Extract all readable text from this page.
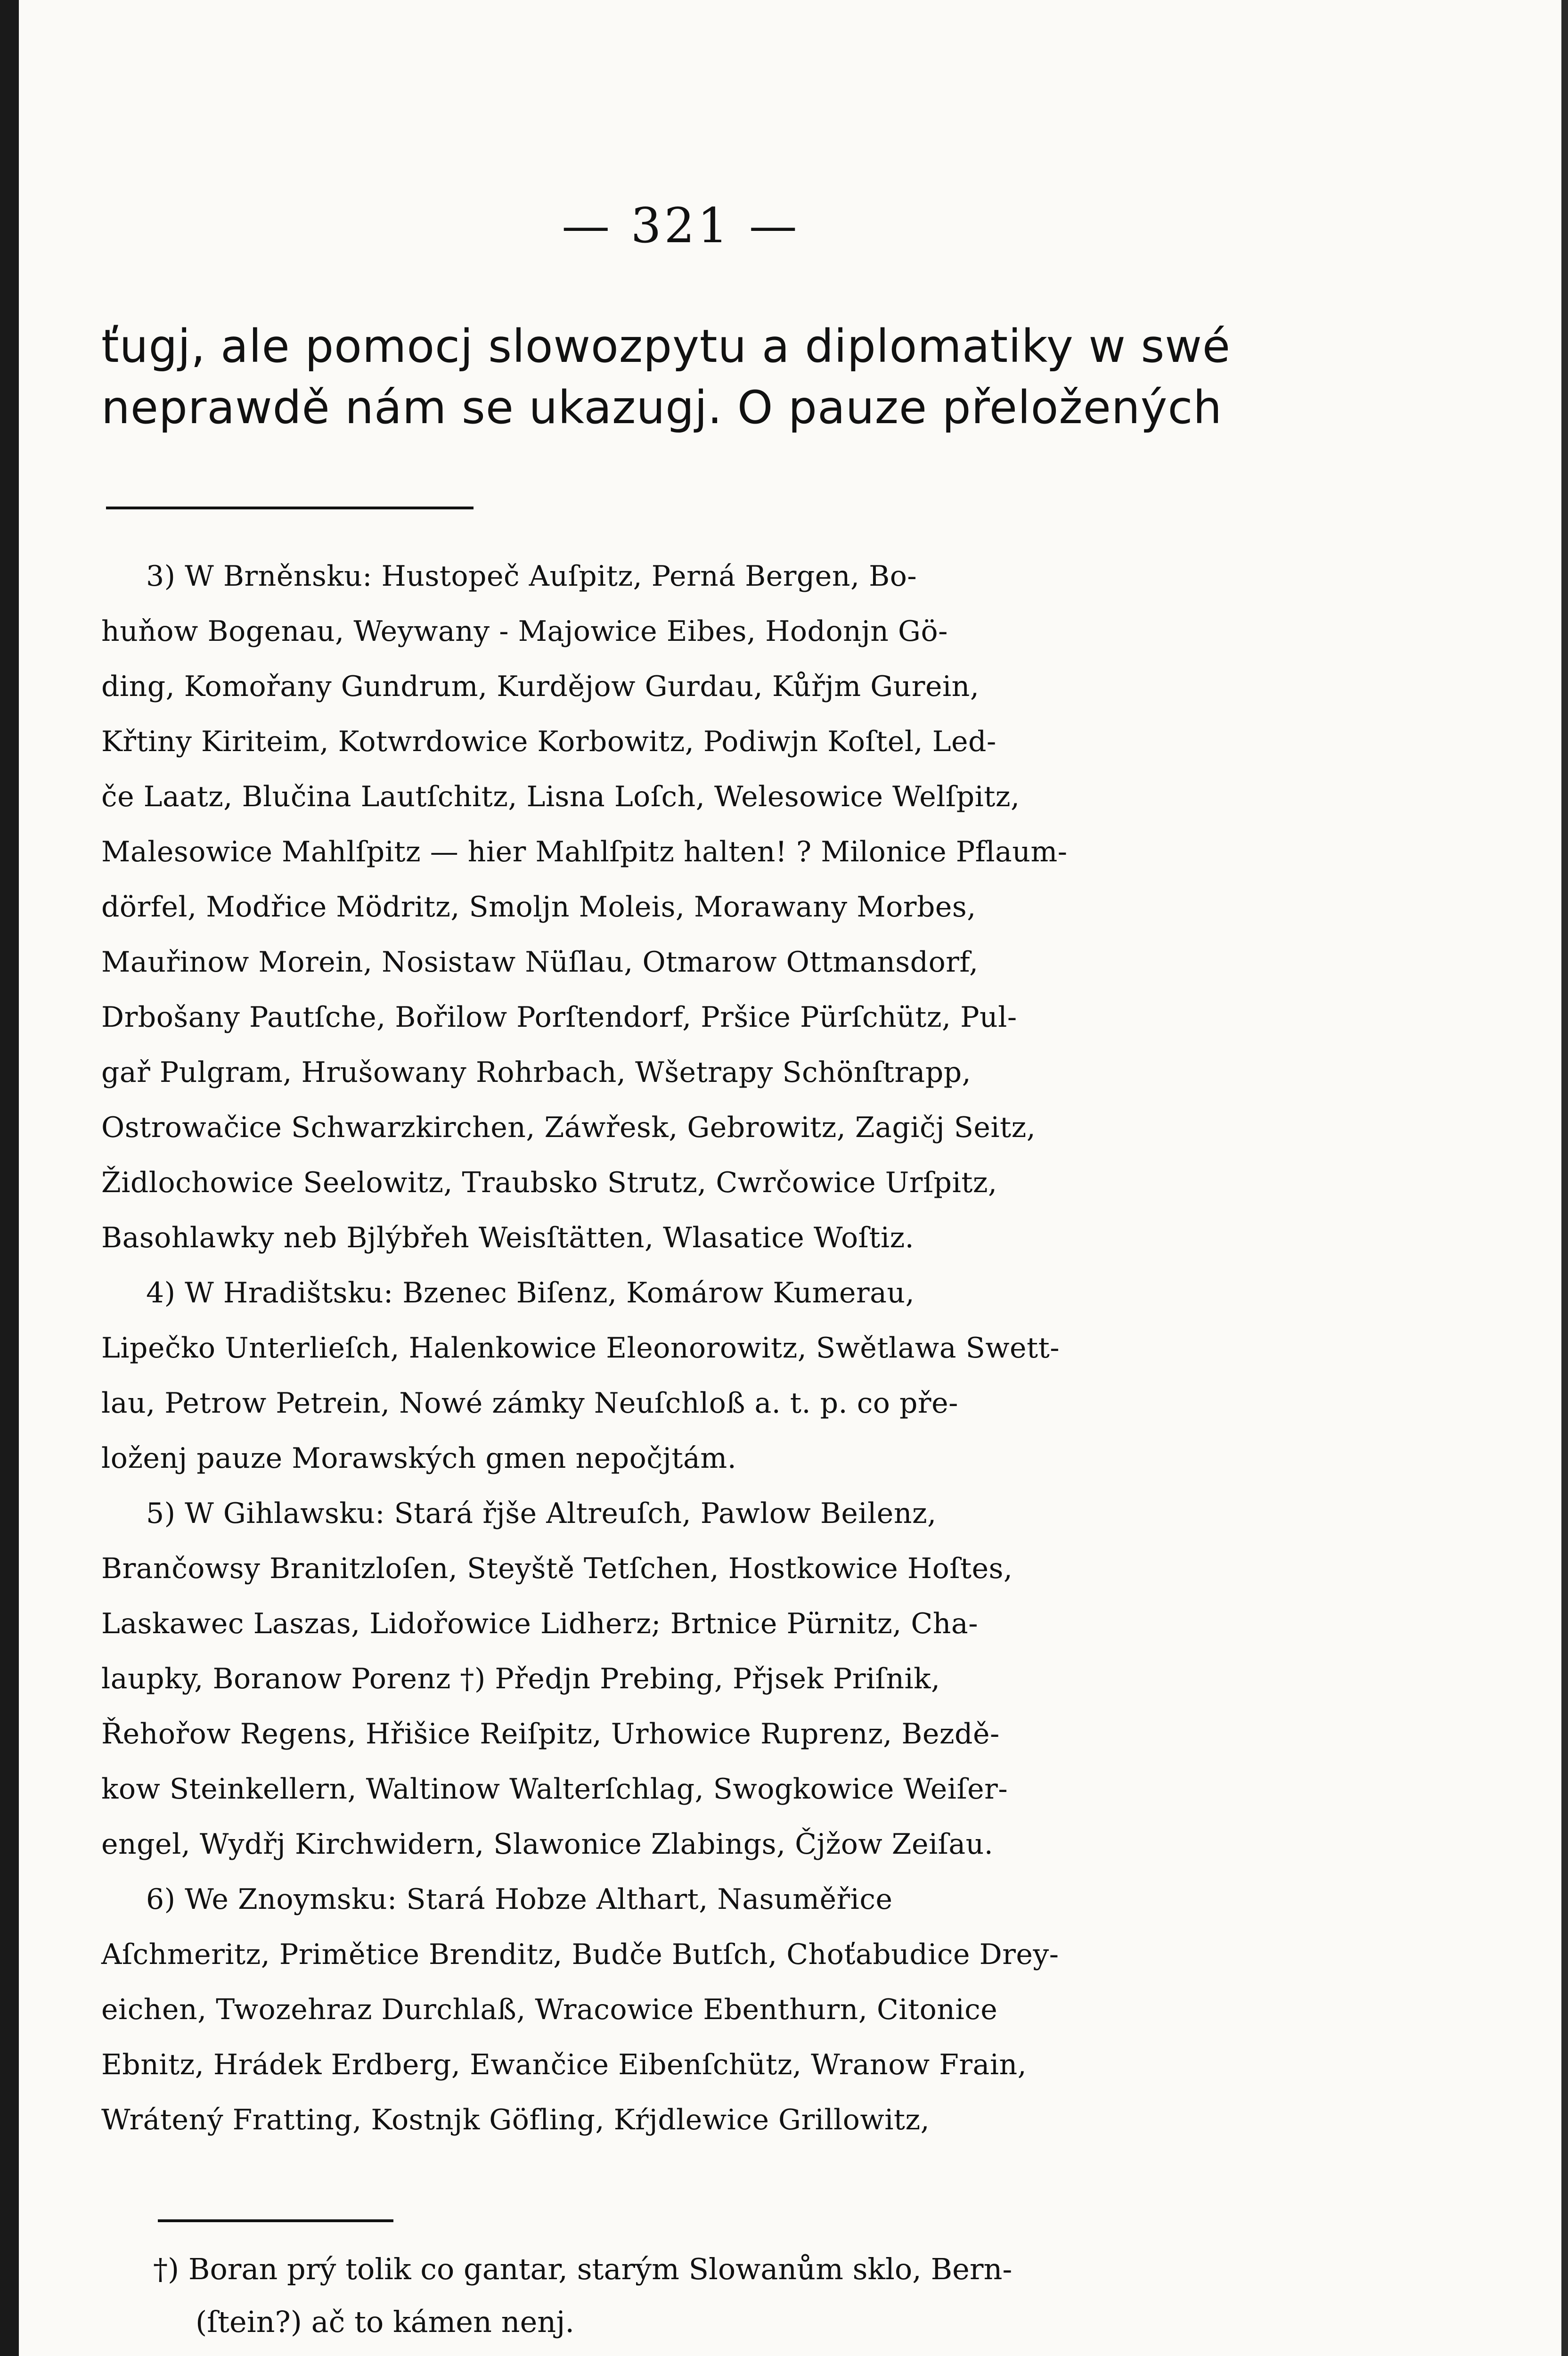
— 321 —
ťugj, ale pomocj slowozpytu a diplomatiky w swé
neprawdě nám se ukazugj. O pauze přeložených
3) W Brněnsku: Hustopeč Auſpitz, Perná Bergen, Bo-
huňow Bogenau, Weywany - Majowice Eibes, Hodonjn Gö-
ding, Komořany Gundrum, Kurdějow Gurdau, Kůřjm Gurein,
Křtiny Kiriteim, Kotwrdowice Korbowitz, Podiwjn Koſtel, Led-
če Laatz, Blučina Lautſchitz, Lisna Loſch, Welesowice Welſpitz,
Malesowice Mahlſpitz — hier Mahlſpitz halten! ? Milonice Pflaum-
dörfel, Modřice Mödritz, Smoljn Moleis, Morawany Morbes,
Mauřinow Morein, Nosistaw Nüſlau, Otmarow Ottmansdorf,
Drbošany Pautſche, Bořilow Porſtendorf, Pršice Pürſchütz, Pul-
gař Pulgram, Hrušowany Rohrbach, Wšetrapy Schönſtrapp,
Ostrowačice Schwarzkirchen, Záwřesk, Gebrowitz, Zagičj Seitz,
Židlochowice Seelowitz, Traubsko Strutz, Cwrčowice Urſpitz,
Basohlawky neb Bjlýbřeh Weisſtätten, Wlasatice Woſtiz.
4) W Hradištsku: Bzenec Biſenz, Komárow Kumerau,
Lipečko Unterlieſch, Halenkowice Eleonorowitz, Swětlawa Swett-
lau, Petrow Petrein, Nowé zámky Neuſchloß a. t. p. co pře-
loženj pauze Morawských gmen nepočjtám.
5) W Gihlawsku: Stará řjše Altreuſch, Pawlow Beilenz,
Brančowsy Branitzloſen, Steyště Tetſchen, Hostkowice Hoſtes,
Laskawec Laszas, Lidořowice Lidherz; Brtnice Pürnitz, Cha-
laupky, Boranow Porenz †) Předjn Prebing, Přjsek Priſnik,
Řehořow Regens, Hřišice Reiſpitz, Urhowice Ruprenz, Bezdě-
kow Steinkellern, Waltinow Walterſchlag, Swogkowice Weiſer-
engel, Wydřj Kirchwidern, Slawonice Zlabings, Čjžow Zeiſau.
6) We Znoymsku: Stará Hobze Althart, Nasuměřice
Aſchmeritz, Primětice Brenditz, Budče Butſch, Choťabudice Drey-
eichen, Twozehraz Durchlaß, Wracowice Ebenthurn, Citonice
Ebnitz, Hrádek Erdberg, Ewančice Eibenſchütz, Wranow Frain,
Wrátený Fratting, Kostnjk Göfling, Kŕjdlewice Grillowitz,
†) Boran prý tolik co gantar, starým Slowanům sklo, Bern-
(ſtein?) ač to kámen nenj.
